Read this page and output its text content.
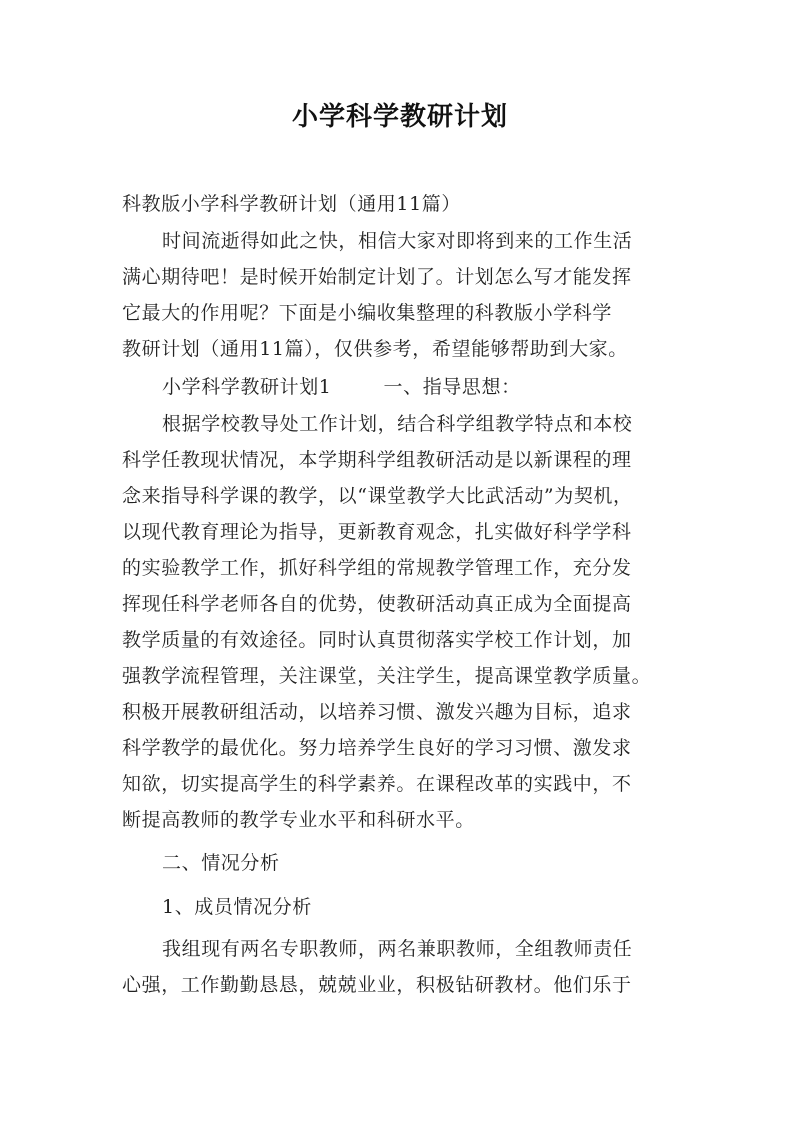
小学科学教研计划
科教版小学科学教研计划（通用11篇）
时间流逝得如此之快，相信大家对即将到来的工作生活
满心期待吧！是时候开始制定计划了。计划怎么写才能发挥
它最大的作用呢？下面是小编收集整理的科教版小学科学
教研计划（通用11篇），仅供参考，希望能够帮助到大家。
小学科学教研计划1	一、指导思想：
根据学校教导处工作计划，结合科学组教学特点和本校
科学任教现状情况，本学期科学组教研活动是以新课程的理
念来指导科学课的教学，以“课堂教学大比武活动”为契机，
以现代教育理论为指导，更新教育观念，扎实做好科学学科
的实验教学工作，抓好科学组的常规教学管理工作，充分发
挥现任科学老师各自的优势，使教研活动真正成为全面提高
教学质量的有效途径。同时认真贯彻落实学校工作计划，加
强教学流程管理，关注课堂，关注学生，提高课堂教学质量。
积极开展教研组活动，以培养习惯、激发兴趣为目标，追求
科学教学的最优化。努力培养学生良好的学习习惯、激发求
知欲，切实提高学生的科学素养。在课程改革的实践中，不
断提高教师的教学专业水平和科研水平。
二、情况分析
1、成员情况分析
我组现有两名专职教师，两名兼职教师，全组教师责任
心强，工作勤勤恳恳，兢兢业业，积极钻研教材。他们乐于
